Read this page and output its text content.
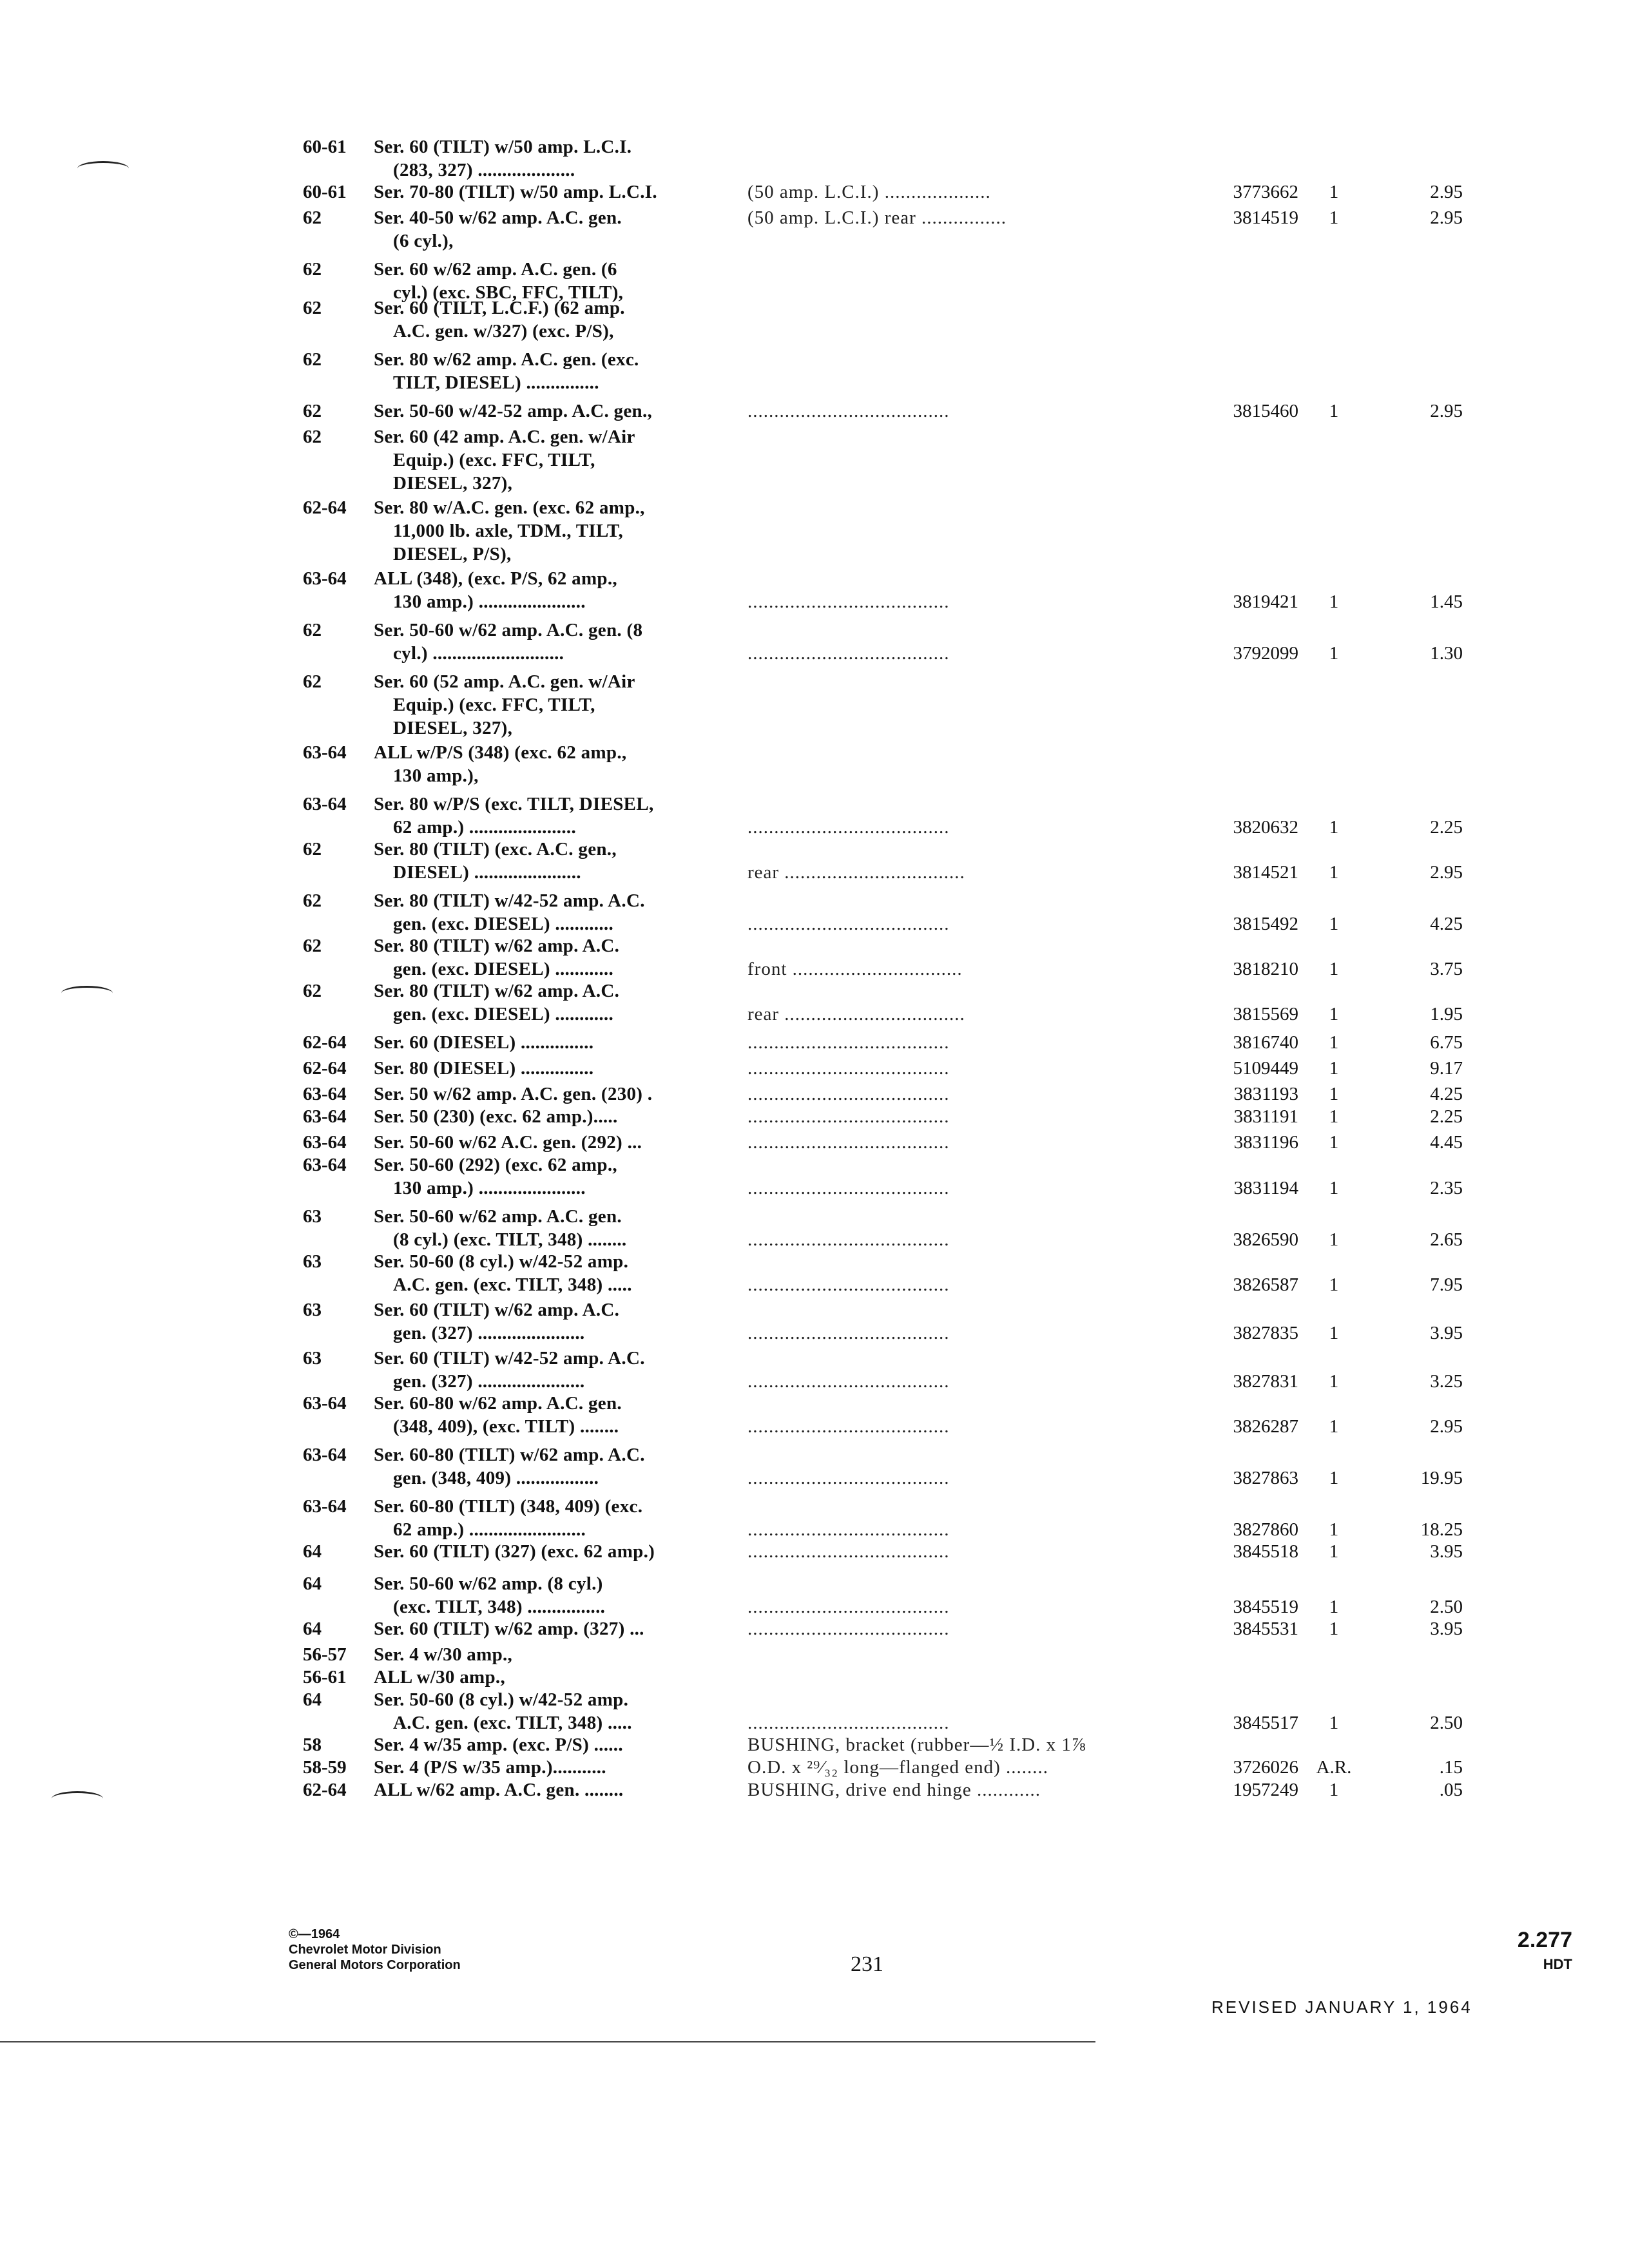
60-61	Ser. 60 (TILT) w/50 amp. L.C.I.
(283, 327) ....................
60-61	Ser. 70-80 (TILT) w/50 amp. L.C.I.	(50 amp. L.C.I.) ....................	3773662	1	2.95
62	Ser. 40-50 w/62 amp. A.C. gen.
(6 cyl.),
(50 amp. L.C.I.) rear ................	3814519	1	2.95
62	Ser. 60 w/62 amp. A.C. gen. (6
cyl.) (exc. SBC, FFC, TILT),
62	Ser. 60 (TILT, L.C.F.) (62 amp.
A.C. gen. w/327) (exc. P/S),
62	Ser. 80 w/62 amp. A.C. gen. (exc.
TILT, DIESEL) ...............
62	Ser. 50-60 w/42-52 amp. A.C. gen.,	......................................	3815460	1	2.95
62	Ser. 60 (42 amp. A.C. gen. w/Air
Equip.) (exc. FFC, TILT,
DIESEL, 327),
62-64	Ser. 80 w/A.C. gen. (exc. 62 amp.,
11,000 lb. axle, TDM., TILT,
DIESEL, P/S),
63-64	ALL (348), (exc. P/S, 62 amp.,
130 amp.) ......................	......................................	3819421	1	1.45
62	Ser. 50-60 w/62 amp. A.C. gen. (8
cyl.) ...........................	......................................	3792099	1	1.30
62	Ser. 60 (52 amp. A.C. gen. w/Air
Equip.) (exc. FFC, TILT,
DIESEL, 327),
63-64	ALL w/P/S (348) (exc. 62 amp.,
130 amp.),
63-64	Ser. 80 w/P/S (exc. TILT, DIESEL,
62 amp.) ......................	......................................	3820632	1	2.25
62	Ser. 80 (TILT) (exc. A.C. gen.,
DIESEL) ......................	rear ..................................	3814521	1	2.95
62	Ser. 80 (TILT) w/42-52 amp. A.C.
gen. (exc. DIESEL) ............	......................................	3815492	1	4.25
62	Ser. 80 (TILT) w/62 amp. A.C.
gen. (exc. DIESEL) ............	front ................................	3818210	1	3.75
62	Ser. 80 (TILT) w/62 amp. A.C.
gen. (exc. DIESEL) ............	rear ..................................	3815569	1	1.95
62-64	Ser. 60 (DIESEL) ...............	......................................	3816740	1	6.75
62-64	Ser. 80 (DIESEL) ...............	......................................	5109449	1	9.17
63-64	Ser. 50 w/62 amp. A.C. gen. (230) .	......................................	3831193	1	4.25
63-64	Ser. 50 (230) (exc. 62 amp.).....	......................................	3831191	1	2.25
63-64	Ser. 50-60 w/62 A.C. gen. (292) ...	......................................	3831196	1	4.45
63-64	Ser. 50-60 (292) (exc. 62 amp.,
130 amp.) ......................	......................................	3831194	1	2.35
63	Ser. 50-60 w/62 amp. A.C. gen.
(8 cyl.) (exc. TILT, 348) ........	......................................	3826590	1	2.65
63	Ser. 50-60 (8 cyl.) w/42-52 amp.
A.C. gen. (exc. TILT, 348) .....	......................................	3826587	1	7.95
63	Ser. 60 (TILT) w/62 amp. A.C.
gen. (327) ......................	......................................	3827835	1	3.95
63	Ser. 60 (TILT) w/42-52 amp. A.C.
gen. (327) ......................	......................................	3827831	1	3.25
63-64	Ser. 60-80 w/62 amp. A.C. gen.
(348, 409), (exc. TILT) ........	......................................	3826287	1	2.95
63-64	Ser. 60-80 (TILT) w/62 amp. A.C.
gen. (348, 409) .................	......................................	3827863	1	19.95
63-64	Ser. 60-80 (TILT) (348, 409) (exc.
62 amp.) ........................	......................................	3827860	1	18.25
64	Ser. 60 (TILT) (327) (exc. 62 amp.)	......................................	3845518	1	3.95
64	Ser. 50-60 w/62 amp. (8 cyl.)
(exc. TILT, 348) ................	......................................	3845519	1	2.50
64	Ser. 60 (TILT) w/62 amp. (327) ...	......................................	3845531	1	3.95
56-57	Ser. 4 w/30 amp.,
56-61	ALL w/30 amp.,
64	Ser. 50-60 (8 cyl.) w/42-52 amp.
A.C. gen. (exc. TILT, 348) .....	......................................	3845517	1	2.50
58	Ser. 4 w/35 amp. (exc. P/S) ......	BUSHING, bracket (rubber—½ I.D. x 1⅞
58-59	Ser. 4 (P/S w/35 amp.)...........	O.D. x ²⁹⁄₃₂ long—flanged end) ........	3726026 A.R.	.15
62-64	ALL w/62 amp. A.C. gen. ........	BUSHING, drive end hinge ............	1957249	1	.05
©—1964
Chevrolet Motor Division
General Motors Corporation	231
2.277
HDT
REVISED JANUARY 1, 1964
